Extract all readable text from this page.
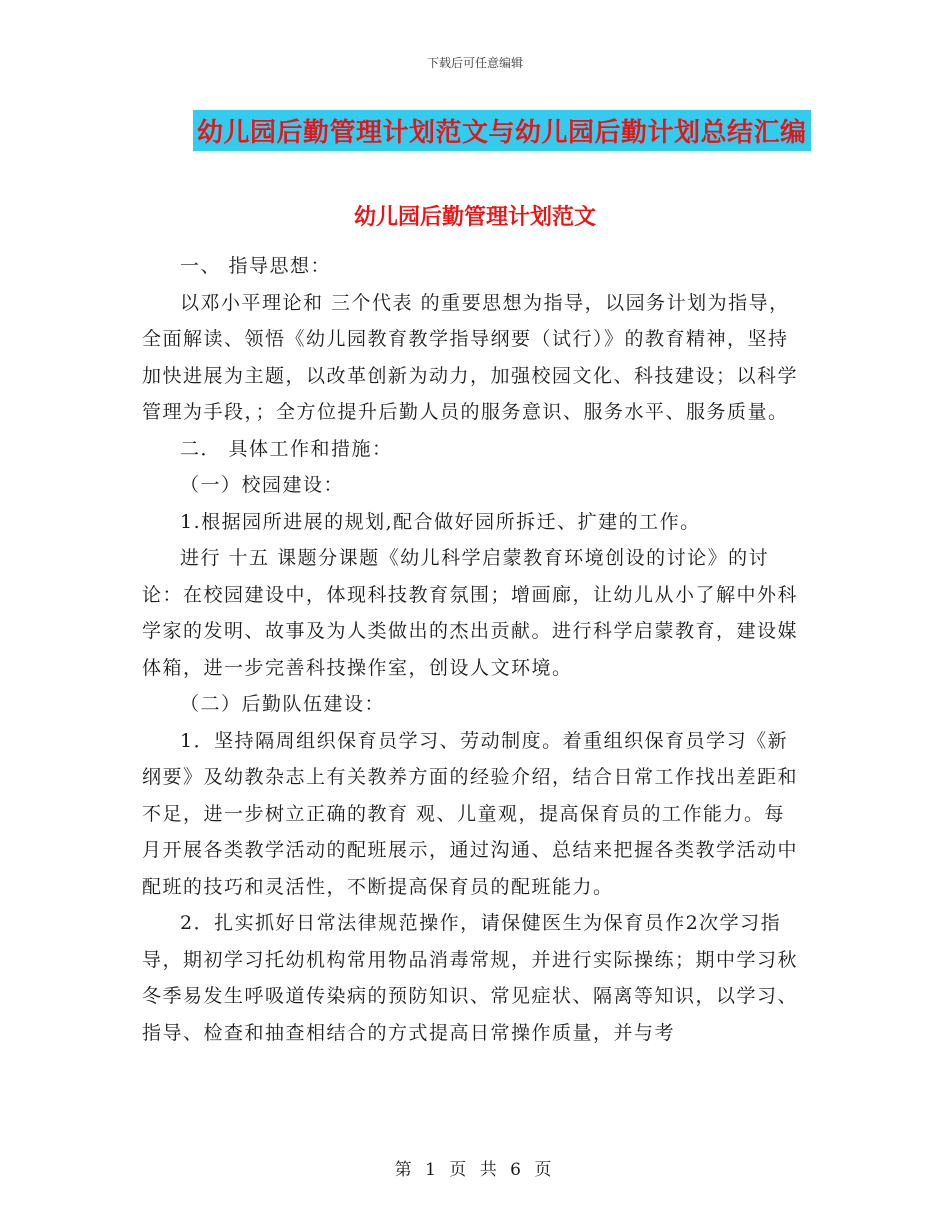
下载后可任意编辑
幼儿园后勤管理计划范文与幼儿园后勤计划总结汇编
幼儿园后勤管理计划范文

一、 指导思想：

以邓小平理论和 三个代表 的重要思想为指导，以园务计划为指导，全面解读、领悟《幼儿园教育教学指导纲要（试行）》的教育精神，坚持加快进展为主题，以改革创新为动力，加强校园文化、科技建设；以科学管理为手段，；全方位提升后勤人员的服务意识、服务水平、服务质量。

二． 具体工作和措施：

（一）校园建设：

1.根据园所进展的规划,配合做好园所拆迁、扩建的工作。

进行 十五 课题分课题《幼儿科学启蒙教育环境创设的讨论》的讨论：在校园建设中，体现科技教育氛围；增画廊，让幼儿从小了解中外科学家的发明、故事及为人类做出的杰出贡献。进行科学启蒙教育，建设媒体箱，进一步完善科技操作室，创设人文环境。

（二）后勤队伍建设：

1．坚持隔周组织保育员学习、劳动制度。着重组织保育员学习《新纲要》及幼教杂志上有关教养方面的经验介绍，结合日常工作找出差距和不足，进一步树立正确的教育 观、儿童观，提高保育员的工作能力。每月开展各类教学活动的配班展示，通过沟通、总结来把握各类教学活动中配班的技巧和灵活性，不断提高保育员的配班能力。

2．扎实抓好日常法律规范操作，请保健医生为保育员作2次学习指导，期初学习托幼机构常用物品消毒常规，并进行实际操练；期中学习秋冬季易发生呼吸道传染病的预防知识、常见症状、隔离等知识，以学习、指导、检查和抽查相结合的方式提高日常操作质量，并与考

第 1 页 共 6 页
